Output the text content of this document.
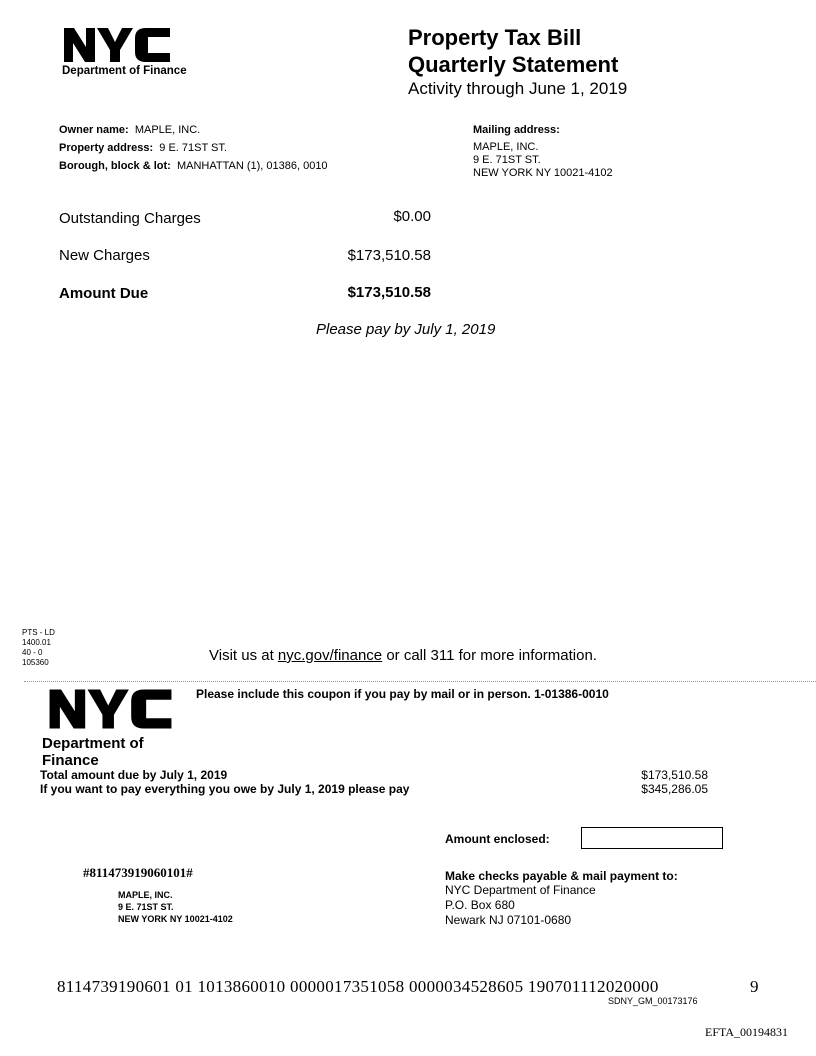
Department of Finance
Property Tax Bill
Quarterly Statement
Activity through June 1, 2019
Owner name: MAPLE, INC.
Property address: 9 E. 71ST ST.
Borough, block & lot: MANHATTAN (1), 01386, 0010
Mailing address:
MAPLE, INC.
9 E. 71ST ST.
NEW YORK NY 10021-4102
Outstanding Charges	$0.00
New Charges	$173,510.58
Amount Due	$173,510.58
Please pay by July 1, 2019
PTS - LD
1400.01
40 - 0
105360	Visit us at nyc.gov/finance or call 311 for more information.
Department of
Finance
Please include this coupon if you pay by mail or in person. 1-01386-0010
Total amount due by July 1, 2019	$173,510.58
If you want to pay everything you owe by July 1, 2019 please pay	$345,286.05
Amount enclosed:
#811473919060101#
MAPLE, INC.
9 E. 71ST ST.
NEW YORK NY 10021-4102
Make checks payable & mail payment to:
NYC Department of Finance
P.O. Box 680
Newark NJ 07101-0680
8114739190601 01 1013860010 0000017351058 0000034528605 190701112020000	9
SDNY_GM_00173176
EFTA_00194831
